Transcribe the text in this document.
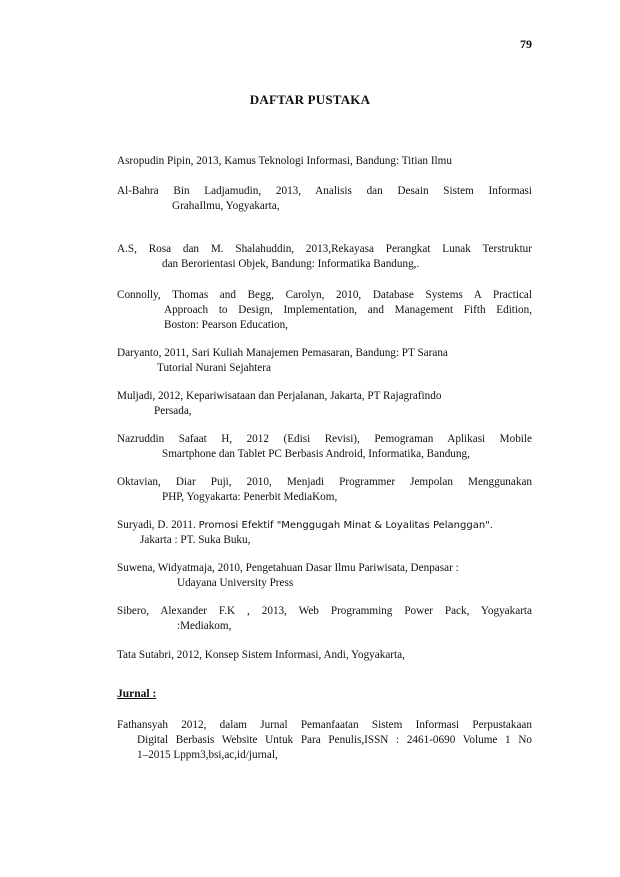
79
DAFTAR PUSTAKA
Asropudin Pipin, 2013, Kamus Teknologi Informasi, Bandung: Titian Ilmu
Al-Bahra Bin Ladjamudin, 2013, Analisis dan Desain Sistem Informasi
GrahaIlmu, Yogyakarta,
A.S, Rosa dan M. Shalahuddin, 2013,Rekayasa Perangkat Lunak Terstruktur
dan Berorientasi Objek, Bandung: Informatika Bandung,.
Connolly, Thomas and Begg, Carolyn, 2010, Database Systems A Practical
Approach to Design, Implementation, and Management Fifth Edition,
Boston: Pearson Education,
Daryanto, 2011, Sari Kuliah Manajemen Pemasaran, Bandung: PT Sarana
Tutorial Nurani Sejahtera
Muljadi, 2012, Kepariwisataan dan Perjalanan, Jakarta, PT Rajagrafindo
Persada,
Nazruddin Safaat H, 2012 (Edisi Revisi), Pemograman Aplikasi Mobile
Smartphone dan Tablet PC Berbasis Android, Informatika, Bandung,
Oktavian, Diar Puji, 2010, Menjadi Programmer Jempolan Menggunakan
PHP, Yogyakarta: Penerbit MediaKom,
Suryadi, D. 2011. Promosi Efektif "Menggugah Minat & Loyalitas Pelanggan".
Jakarta : PT. Suka Buku,
Suwena, Widyatmaja, 2010, Pengetahuan Dasar Ilmu Pariwisata, Denpasar :
Udayana University Press
Sibero, Alexander F.K , 2013, Web Programming Power Pack, Yogyakarta
:Mediakom,
Tata Sutabri, 2012, Konsep Sistem Informasi, Andi, Yogyakarta,
Fathansyah 2012, dalam Jurnal Pemanfaatan Sistem Informasi Perpustakaan
Digital Berbasis Website Untuk Para Penulis,ISSN : 2461-0690 Volume 1 No
1–2015 Lppm3,bsi,ac,id/jurnal,
Jurnal :
